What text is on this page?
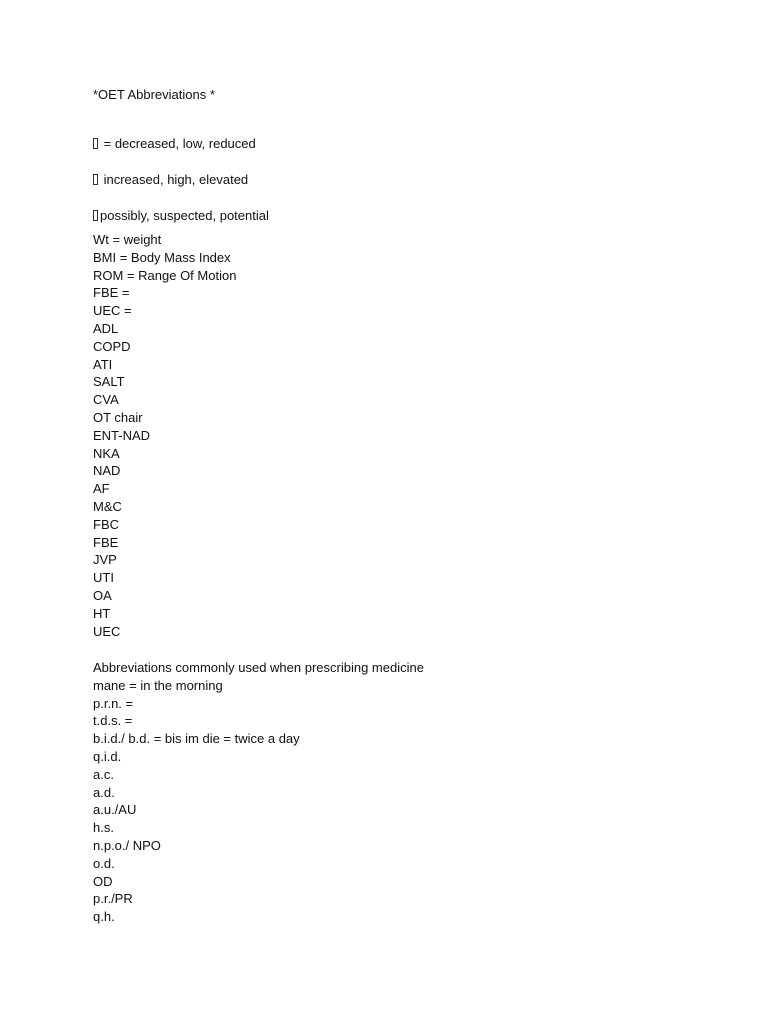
*OET Abbreviations *
= decreased, low, reduced
increased, high, elevated
possibly, suspected, potential
Wt = weight
BMI = Body Mass Index
ROM = Range Of Motion
FBE =
UEC =
ADL
COPD
ATI
SALT
CVA
OT chair
ENT-NAD
NKA
NAD
AF
M&C
FBC
FBE
JVP
UTI
OA
HT
UEC
Abbreviations commonly used when prescribing medicine
mane = in the morning
p.r.n. =
t.d.s. =
b.i.d./ b.d. = bis im die = twice a day
q.i.d.
a.c.
a.d.
a.u./AU
h.s.
n.p.o./ NPO
o.d.
OD
p.r./PR
q.h.
